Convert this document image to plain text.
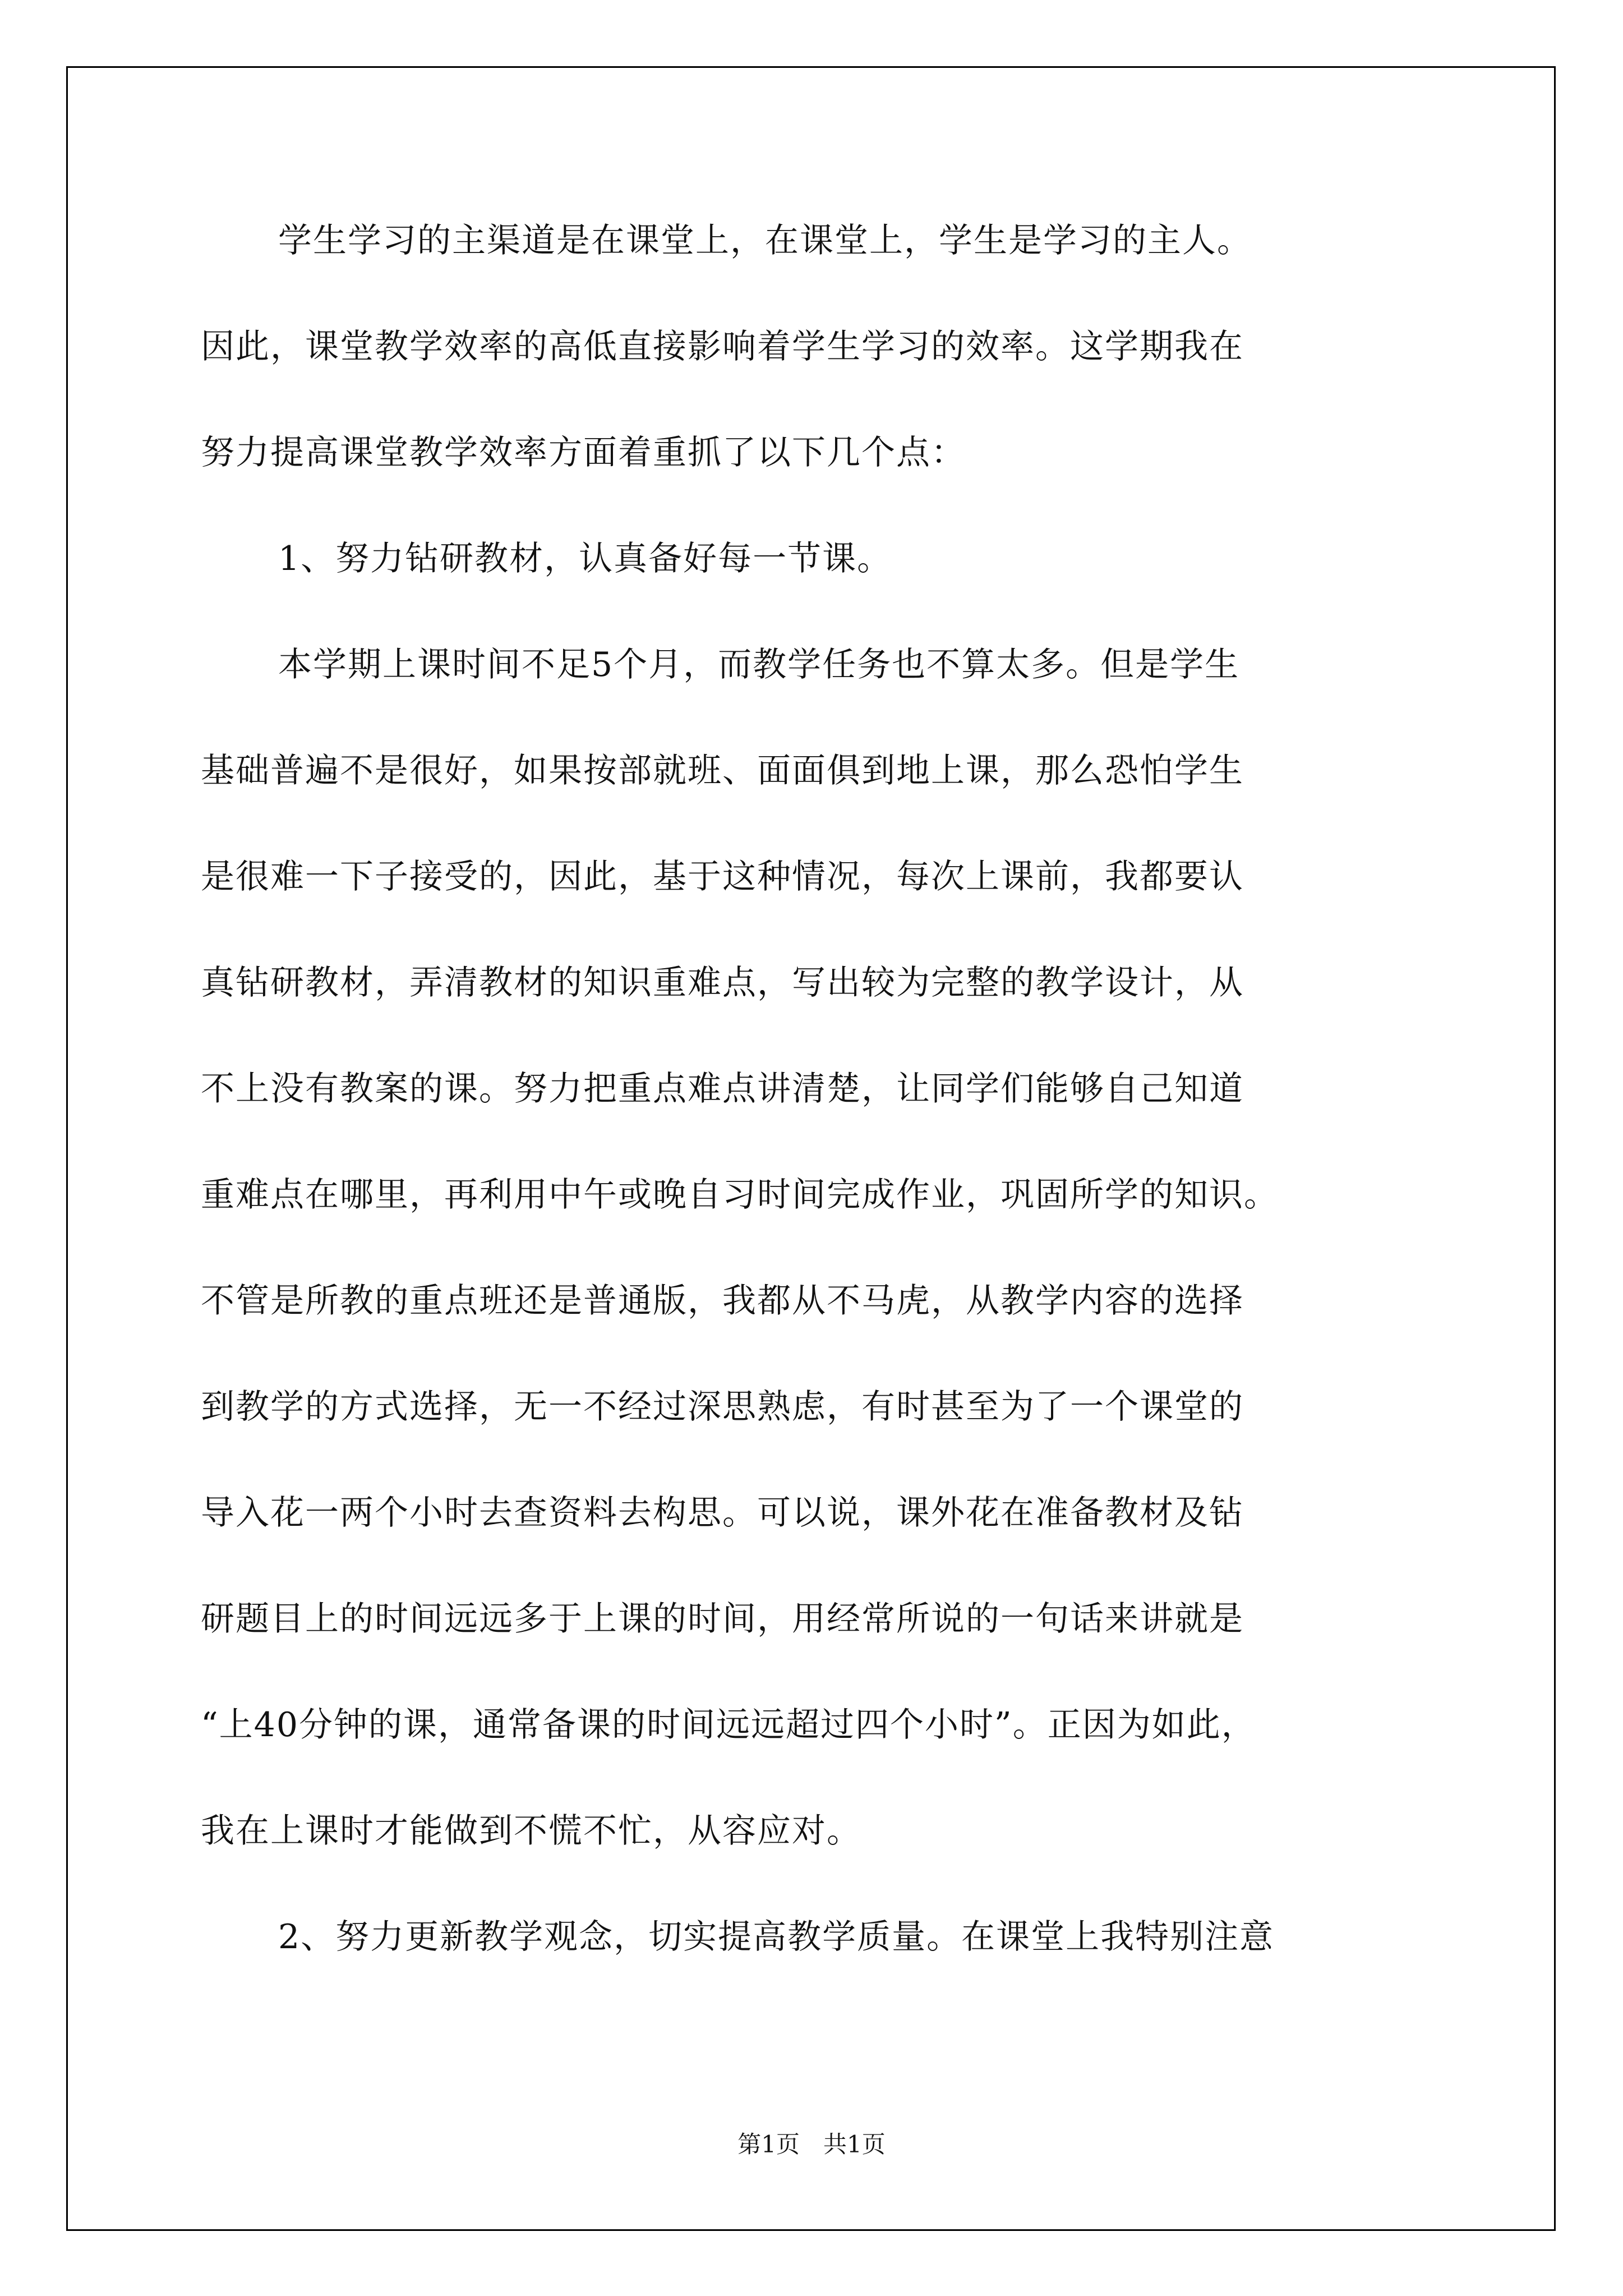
学生学习的主渠道是在课堂上，在课堂上，学生是学习的主人。
因此，课堂教学效率的高低直接影响着学生学习的效率。这学期我在
努力提高课堂教学效率方面着重抓了以下几个点：
1、努力钻研教材，认真备好每一节课。
本学期上课时间不足5个月，而教学任务也不算太多。但是学生
基础普遍不是很好，如果按部就班、面面俱到地上课，那么恐怕学生
是很难一下子接受的，因此，基于这种情况，每次上课前，我都要认
真钻研教材，弄清教材的知识重难点，写出较为完整的教学设计，从
不上没有教案的课。努力把重点难点讲清楚，让同学们能够自己知道
重难点在哪里，再利用中午或晚自习时间完成作业，巩固所学的知识。
不管是所教的重点班还是普通版，我都从不马虎，从教学内容的选择
到教学的方式选择，无一不经过深思熟虑，有时甚至为了一个课堂的
导入花一两个小时去查资料去构思。可以说，课外花在准备教材及钻
研题目上的时间远远多于上课的时间，用经常所说的一句话来讲就是
“上40分钟的课，通常备课的时间远远超过四个小时”。正因为如此，
我在上课时才能做到不慌不忙，从容应对。
2、努力更新教学观念，切实提高教学质量。在课堂上我特别注意
第1页　共1页
